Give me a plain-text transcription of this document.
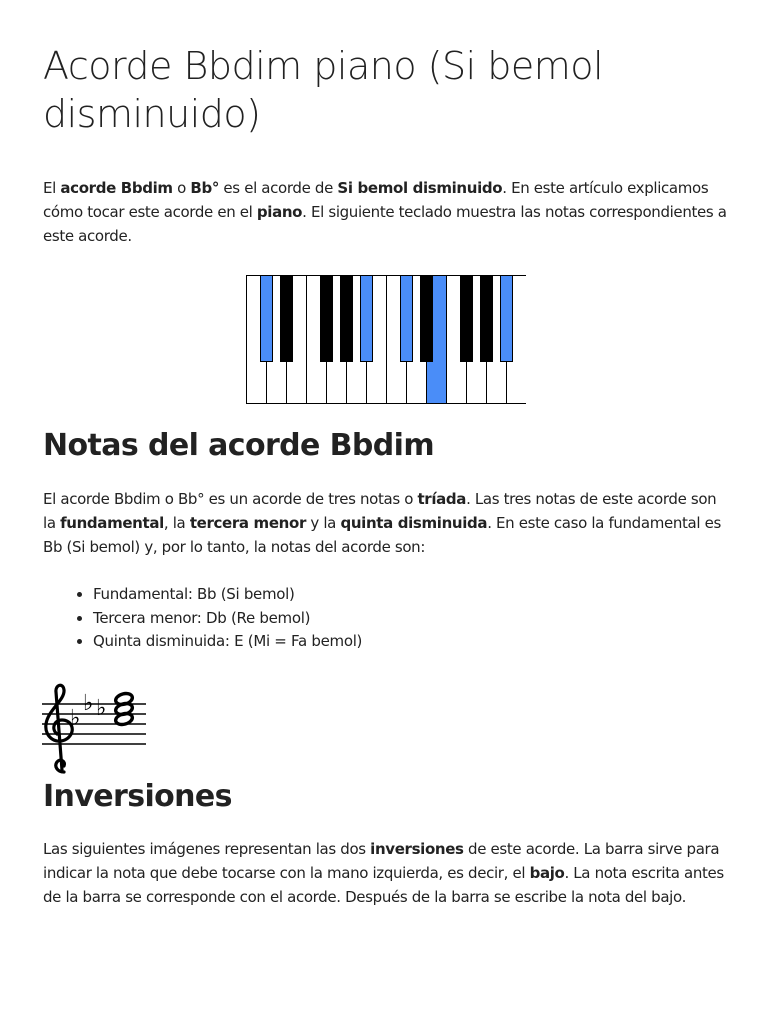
Acorde Bbdim piano (Si bemol disminuido)

El acorde Bbdim o Bb° es el acorde de Si bemol disminuido. En este artículo explicamos cómo tocar este acorde en el piano. El siguiente teclado muestra las notas correspondientes a este acorde.

Notas del acorde Bbdim

El acorde Bbdim o Bb° es un acorde de tres notas o tríada. Las tres notas de este acorde son la fundamental, la tercera menor y la quinta disminuida. En este caso la fundamental es Bb (Si bemol) y, por lo tanto, la notas del acorde son:

• Fundamental: Bb (Si bemol)
• Tercera menor: Db (Re bemol)
• Quinta disminuida: E (Mi = Fa bemol)
♭
♭ ♭
Inversiones

Las siguientes imágenes representan las dos inversiones de este acorde. La barra sirve para indicar la nota que debe tocarse con la mano izquierda, es decir, el bajo. La nota escrita antes de la barra se corresponde con el acorde. Después de la barra se escribe la nota del bajo.
